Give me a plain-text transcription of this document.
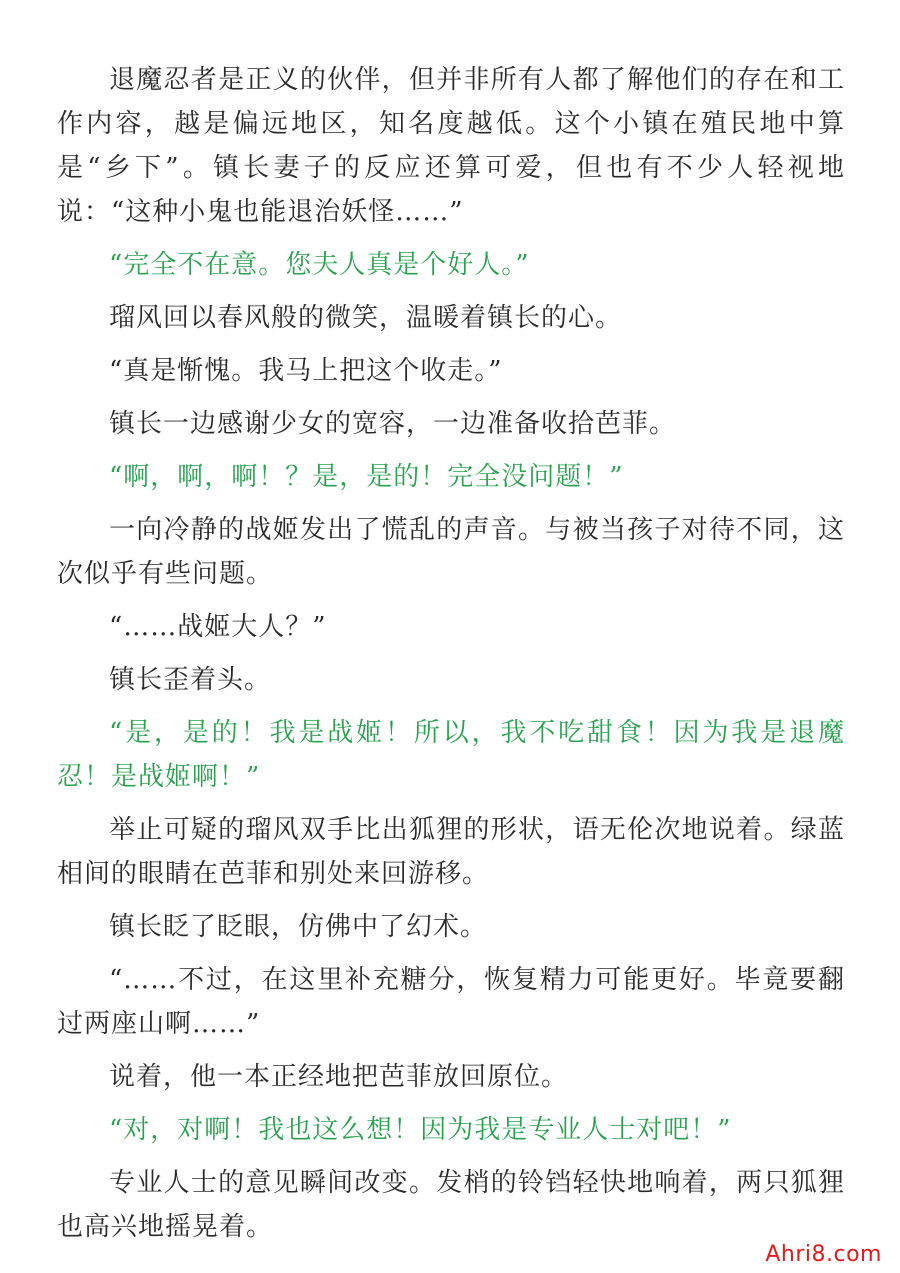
退魔忍者是正义的伙伴，但并非所有人都了解他们的存在和工作内容，越是偏远地区，知名度越低。这个小镇在殖民地中算是“乡下”。镇长妻子的反应还算可爱，但也有不少人轻视地说：“这种小鬼也能退治妖怪……”

“完全不在意。您夫人真是个好人。”

瑠风回以春风般的微笑，温暖着镇长的心。

“真是惭愧。我马上把这个收走。”

镇长一边感谢少女的宽容，一边准备收拾芭菲。

“啊，啊，啊！？是，是的！完全没问题！”

一向冷静的战姬发出了慌乱的声音。与被当孩子对待不同，这次似乎有些问题。

“……战姬大人？”

镇长歪着头。

“是，是的！我是战姬！所以，我不吃甜食！因为我是退魔忍！是战姬啊！”

举止可疑的瑠风双手比出狐狸的形状，语无伦次地说着。绿蓝相间的眼睛在芭菲和别处来回游移。

镇长眨了眨眼，仿佛中了幻术。

“……不过，在这里补充糖分，恢复精力可能更好。毕竟要翻过两座山啊……”

说着，他一本正经地把芭菲放回原位。

“对，对啊！我也这么想！因为我是专业人士对吧！”

专业人士的意见瞬间改变。发梢的铃铛轻快地响着，两只狐狸也高兴地摇晃着。

Ahri8.com
